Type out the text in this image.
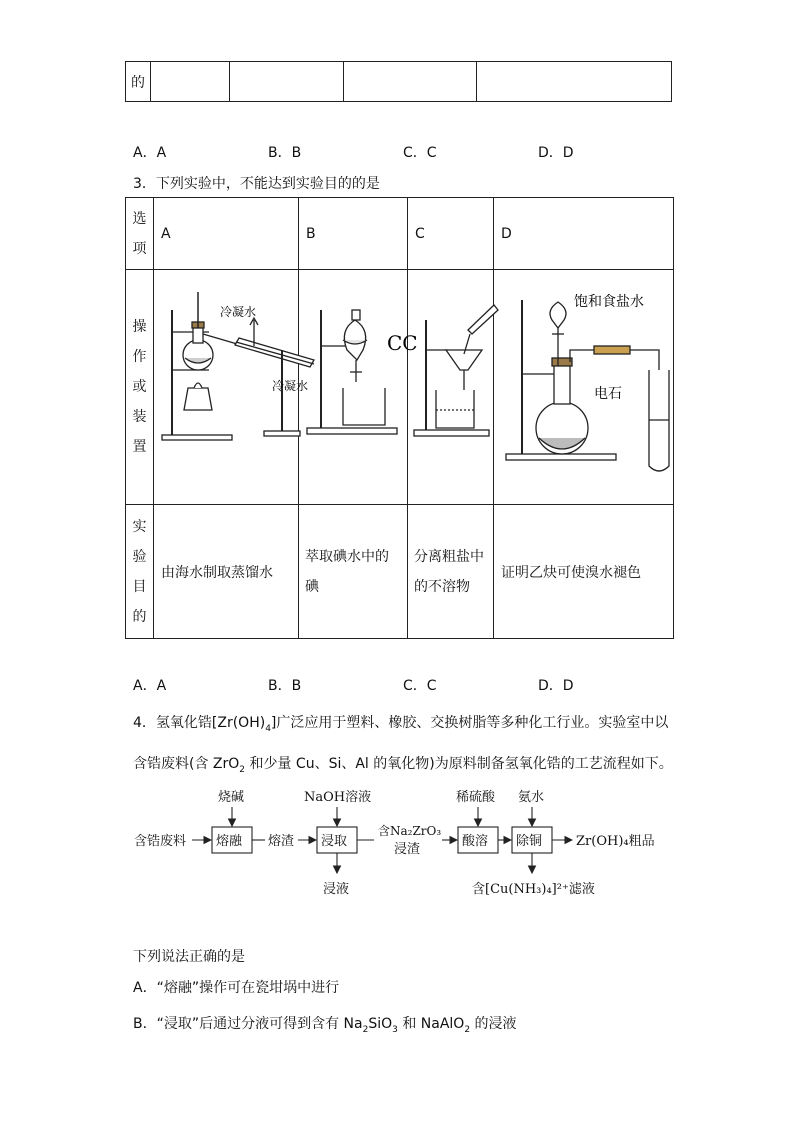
的				
A．A	B．B	C．C	D．D
3．下列实验中，不能达到实验目的的是
选
项	A	B	C	D

操
作
或
装
置	冷凝水
冷凝水	CC		饱和食盐水
电石

实
验
目
的	由海水制取蒸馏水	萃取碘水中的碘	分离粗盐中的不溶物	证明乙炔可使溴水褪色
A．A	B．B	C．C	D．D
4．氢氧化锆$[Zr(OH)_4]$广泛应用于塑料、橡胶、交换树脂等多种化工行业。实验室中以
含锆废料(含 ZrO$_2$ 和少量 Cu、Si、Al 的氧化物)为原料制备氢氧化锆的工艺流程如下。
含锆废料 熔融
烧碱
熔渣 浸取
NaOH溶液
浸液
含Na₂ZrO₃
浸渣
酸溶
稀硫酸
除铜
氨水
含[Cu(NH₃)₄]²⁺滤液
Zr(OH)₄粗品
下列说法正确的是
A．“熔融”操作可在瓷坩埚中进行
B．“浸取”后通过分液可得到含有 $Na_2SiO_3$ 和 NaAlO$_2$ 的浸液
